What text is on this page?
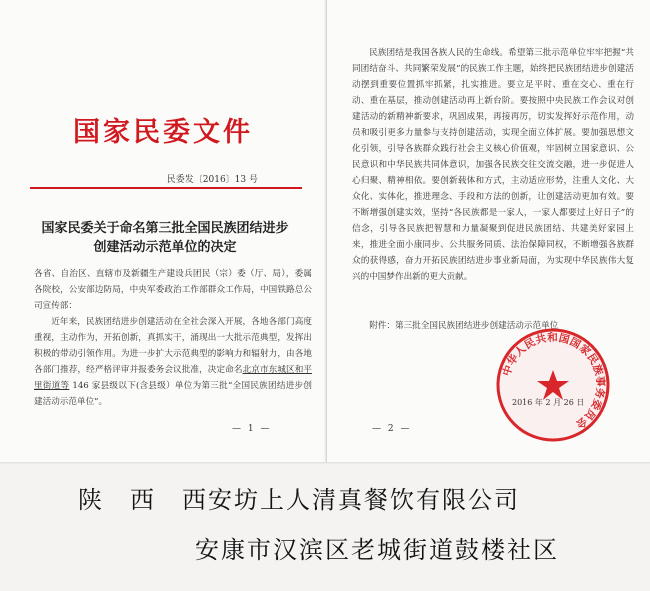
国家民委文件
民委发〔2016〕13 号
国家民委关于命名第三批全国民族团结进步
创建活动示范单位的决定

各省、自治区、直辖市及新疆生产建设兵团民（宗）委（厅、局），委属各院校，公安部边防局，中央军委政治工作部群众工作局，中国铁路总公司宣传部：

近年来，民族团结进步创建活动在全社会深入开展，各地各部门高度重视，主动作为，开拓创新，真抓实干，涌现出一大批示范典型，发挥出积极的带动引领作用。为进一步扩大示范典型的影响力和辐射力，由各地各部门推荐，经严格评审并报委务会议批准，决定命名北京市东城区和平里街道等 146 家县级以下(含县级）单位为第三批“全国民族团结进步创建活动示范单位”。

— 1 —

民族团结是我国各族人民的生命线。希望第三批示范单位牢牢把握“共同团结奋斗、共同繁荣发展”的民族工作主题，始终把民族团结进步创建活动摆到重要位置抓牢抓紧，扎实推进。要立足平时、重在交心、重在行动、重在基层，推动创建活动再上新台阶。要按照中央民族工作会议对创建活动的新精神新要求，巩固成果，再接再厉，切实发挥好示范作用，动员和吸引更多力量参与支持创建活动，实现全面立体扩展。要加强思想文化引领，引导各族群众践行社会主义核心价值观，牢固树立国家意识、公民意识和中华民族共同体意识，加强各民族交往交流交融，进一步促进人心归聚、精神相依。要创新载体和方式，主动适应形势，注重人文化、大众化、实体化，推进理念、手段和方法的创新，让创建活动更加有效。要不断增强创建实效，坚持“各民族都是一家人，一家人都要过上好日子”的信念，引导各民族把智慧和力量凝聚到促进民族团结、共建美好家园上来，推进全面小康同步、公共服务同质、法治保障同权，不断增强各族群众的获得感，奋力开拓民族团结进步事业新局面，为实现中华民族伟大复兴的中国梦作出新的更大贡献。

附件：第三批全国民族团结进步创建活动示范单位

中华人民共和国国家民族事务委员会
2016 年 2 月 26 日
— 2 —
陕 西 西安坊上人清真餐饮有限公司
安康市汉滨区老城街道鼓楼社区
